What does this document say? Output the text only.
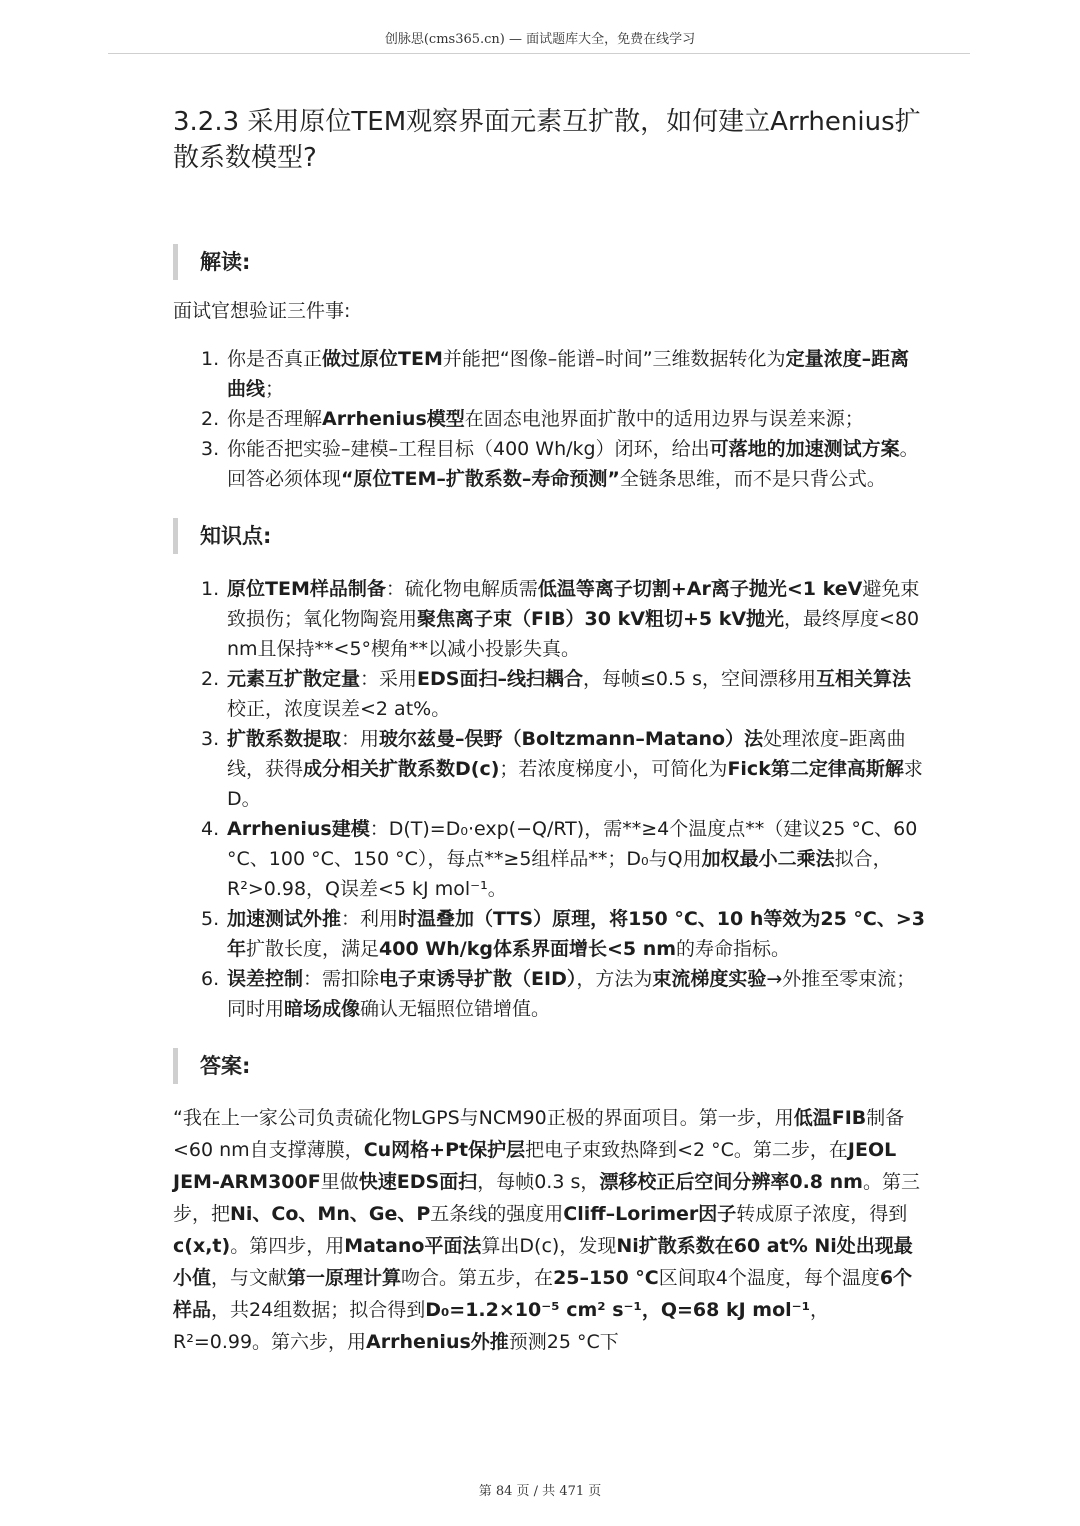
创脉思(cms365.cn) — 面试题库大全，免费在线学习
3.2.3 采用原位TEM观察界面元素互扩散，如何建立Arrhenius扩散系数模型?
解读:

面试官想验证三件事:

1. 你是否真正做过原位TEM并能把“图像–能谱–时间”三维数据转化为定量浓度–距离曲线；
2. 你是否理解Arrhenius模型在固态电池界面扩散中的适用边界与误差来源；
3. 你能否把实验–建模–工程目标（400 Wh/kg）闭环，给出可落地的加速测试方案。
回答必须体现“原位TEM–扩散系数–寿命预测”全链条思维，而不是只背公式。
知识点:
1. 原位TEM样品制备：硫化物电解质需低温等离子切割+Ar离子抛光<1 keV避免束致损伤；氧化物陶瓷用聚焦离子束（FIB）30 kV粗切+5 kV抛光，最终厚度<80 nm且保持**<5°楔角**以减小投影失真。
2. 元素互扩散定量：采用EDS面扫–线扫耦合，每帧≤0.5 s，空间漂移用互相关算法校正，浓度误差<2 at%。
3. 扩散系数提取：用玻尔兹曼–俣野（Boltzmann–Matano）法处理浓度–距离曲线，获得成分相关扩散系数D(c)；若浓度梯度小，可简化为Fick第二定律高斯解求D。
4. Arrhenius建模：D(T)=D₀·exp(−Q/RT)，需**≥4个温度点**（建议25 °C、60 °C、100 °C、150 °C），每点**≥5组样品**；D₀与Q用加权最小二乘法拟合，R²>0.98，Q误差<5 kJ mol⁻¹。
5. 加速测试外推：利用时温叠加（TTS）原理，将150 °C、10 h等效为25 °C、>3年扩散长度，满足400 Wh/kg体系界面增长<5 nm的寿命指标。
6. 误差控制：需扣除电子束诱导扩散（EID），方法为束流梯度实验→外推至零束流；同时用暗场成像确认无辐照位错增值。
答案:

“我在上一家公司负责硫化物LGPS与NCM90正极的界面项目。第一步，用低温FIB制备<60 nm自支撑薄膜，Cu网格+Pt保护层把电子束致热降到<2 °C。第二步，在JEOL JEM-ARM300F里做快速EDS面扫，每帧0.3 s，漂移校正后空间分辨率0.8 nm。第三步，把Ni、Co、Mn、Ge、P五条线的强度用Cliff–Lorimer因子转成原子浓度，得到c(x,t)。第四步，用Matano平面法算出D(c)，发现Ni扩散系数在60 at% Ni处出现最小值，与文献第一原理计算吻合。第五步，在25–150 °C区间取4个温度，每个温度6个样品，共24组数据；拟合得到D₀=1.2×10⁻⁵ cm² s⁻¹，Q=68 kJ mol⁻¹，R²=0.99。第六步，用Arrhenius外推预测25 °C下

第 84 页 / 共 471 页
